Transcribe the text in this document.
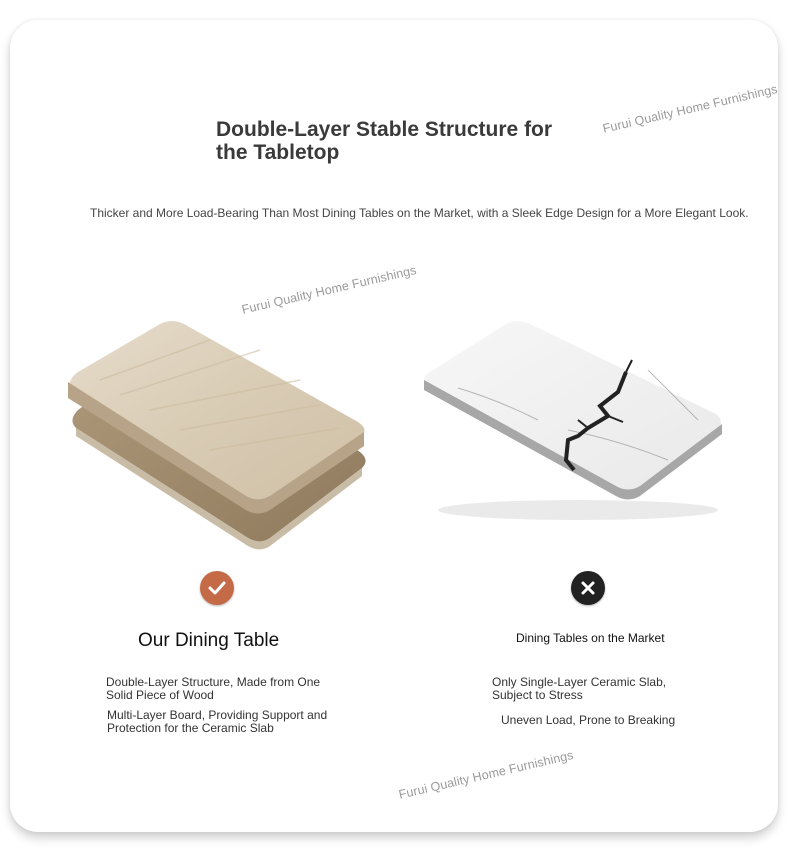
Double-Layer Stable Structure for the Tabletop
Thicker and More Load-Bearing Than Most Dining Tables on the Market, with a Sleek Edge Design for a More Elegant Look.
Furui Quality Home Furnishings
Furui Quality Home Furnishings
Furui Quality Home Furnishings
Our Dining Table	Dining Tables on the Market
Double-Layer Structure, Made from One Solid Piece of Wood
Multi-Layer Board, Providing Support and Protection for the Ceramic Slab
Only Single-Layer Ceramic Slab, Subject to Stress
Uneven Load, Prone to Breaking
